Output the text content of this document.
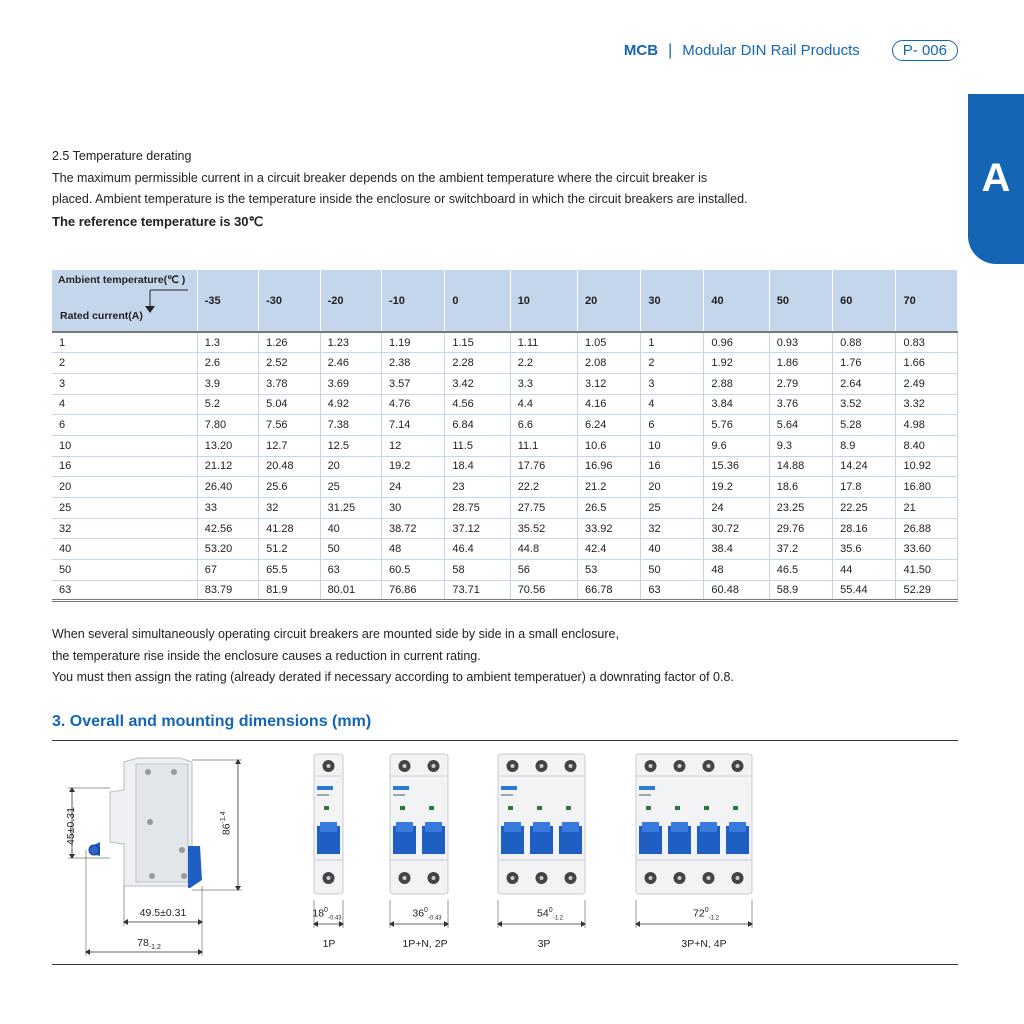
MCB | Modular DIN Rail Products	P- 006
A
2.5 Temperature derating
The maximum permissible current in a circuit breaker depends on the ambient temperature where the circuit breaker is
placed. Ambient temperature is the temperature inside the enclosure or switchboard in which the circuit breakers are installed.
The reference temperature is 30℃
Ambient temperature(℃ )
Rated current(A)	-35	-30	-20	-10	0	10	20	30	40	50	60	70
1	1.3	1.26	1.23	1.19	1.15	1.11	1.05	1	0.96	0.93	0.88	0.83
2	2.6	2.52	2.46	2.38	2.28	2.2	2.08	2	1.92	1.86	1.76	1.66
3	3.9	3.78	3.69	3.57	3.42	3.3	3.12	3	2.88	2.79	2.64	2.49
4	5.2	5.04	4.92	4.76	4.56	4.4	4.16	4	3.84	3.76	3.52	3.32
6	7.80	7.56	7.38	7.14	6.84	6.6	6.24	6	5.76	5.64	5.28	4.98
10	13.20	12.7	12.5	12	11.5	11.1	10.6	10	9.6	9.3	8.9	8.40
16	21.12	20.48	20	19.2	18.4	17.76	16.96	16	15.36	14.88	14.24	10.92
20	26.40	25.6	25	24	23	22.2	21.2	20	19.2	18.6	17.8	16.80
25	33	32	31.25	30	28.75	27.75	26.5	25	24	23.25	22.25	21
32	42.56	41.28	40	38.72	37.12	35.52	33.92	32	30.72	29.76	28.16	26.88
40	53.20	51.2	50	48	46.4	44.8	42.4	40	38.4	37.2	35.6	33.60
50	67	65.5	63	60.5	58	56	53	50	48	46.5	44	41.50
63	83.79	81.9	80.01	76.86	73.71	70.56	66.78	63	60.48	58.9	55.44	52.29
When several simultaneously operating circuit breakers are mounted side by side in a small enclosure,
the temperature rise inside the enclosure causes a reduction in current rating.
You must then assign the rating (already derated if necessary according to ambient temperatuer) a downrating factor of 0.8.
3. Overall and mounting dimensions (mm)
45±0.31	$86^{-1.4}$
49.5±0.31
$78_{-1.2}$
$18^0_{-0.43}$	$36^0_{-0.43}$	$54^0_{-1.2}$	$72^0_{-1.2}$
1P	1P+N, 2P	3P	3P+N, 4P
